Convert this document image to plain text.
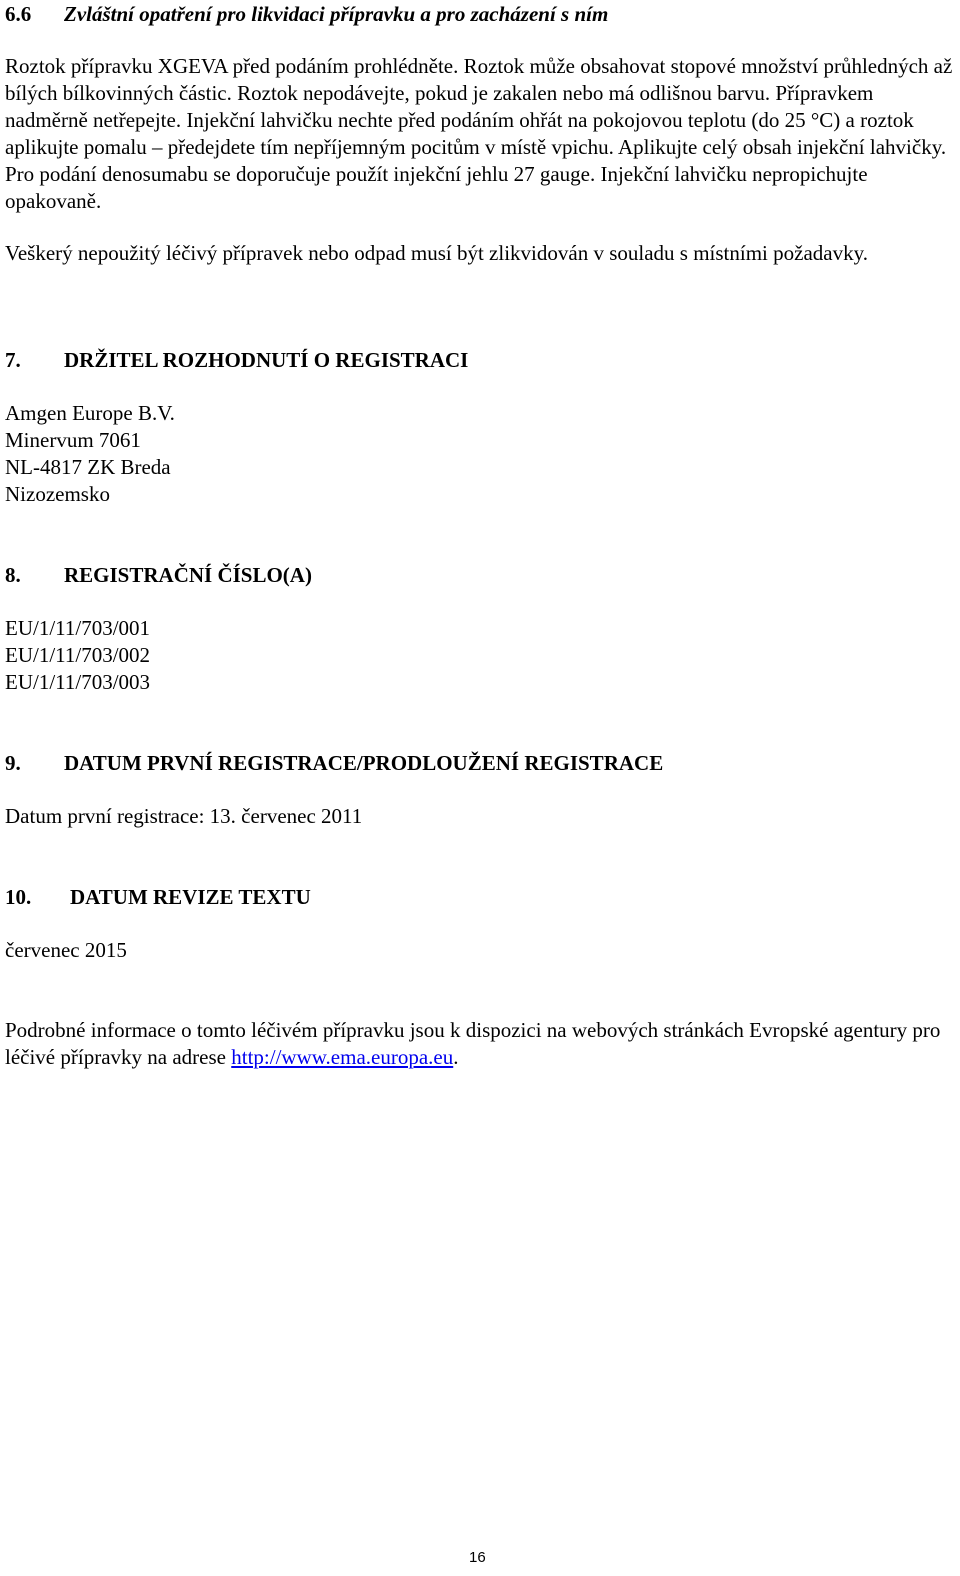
6.6 Zvláštní opatření pro likvidaci přípravku a pro zacházení s ním

Roztok přípravku XGEVA před podáním prohlédněte. Roztok může obsahovat stopové množství průhledných až bílých bílkovinných částic. Roztok nepodávejte, pokud je zakalen nebo má odlišnou barvu. Přípravkem nadměrně netřepejte. Injekční lahvičku nechte před podáním ohřát na pokojovou teplotu (do 25 °C) a roztok aplikujte pomalu – předejdete tím nepříjemným pocitům v místě vpichu. Aplikujte celý obsah injekční lahvičky. Pro podání denosumabu se doporučuje použít injekční jehlu 27 gauge. Injekční lahvičku nepropichujte opakovaně.

Veškerý nepoužitý léčivý přípravek nebo odpad musí být zlikvidován v souladu s místními požadavky.

7. DRŽITEL ROZHODNUTÍ O REGISTRACI
Amgen Europe B.V.
Minervum 7061
NL-4817 ZK Breda
Nizozemsko
8. REGISTRAČNÍ ČÍSLO(A)
EU/1/11/703/001
EU/1/11/703/002
EU/1/11/703/003
9. DATUM PRVNÍ REGISTRACE/PRODLOUŽENÍ REGISTRACE
Datum první registrace: 13. červenec 2011
10. DATUM REVIZE TEXTU
červenec 2015

Podrobné informace o tomto léčivém přípravku jsou k dispozici na webových stránkách Evropské agentury pro léčivé přípravky na adrese http://www.ema.europa.eu.

16
